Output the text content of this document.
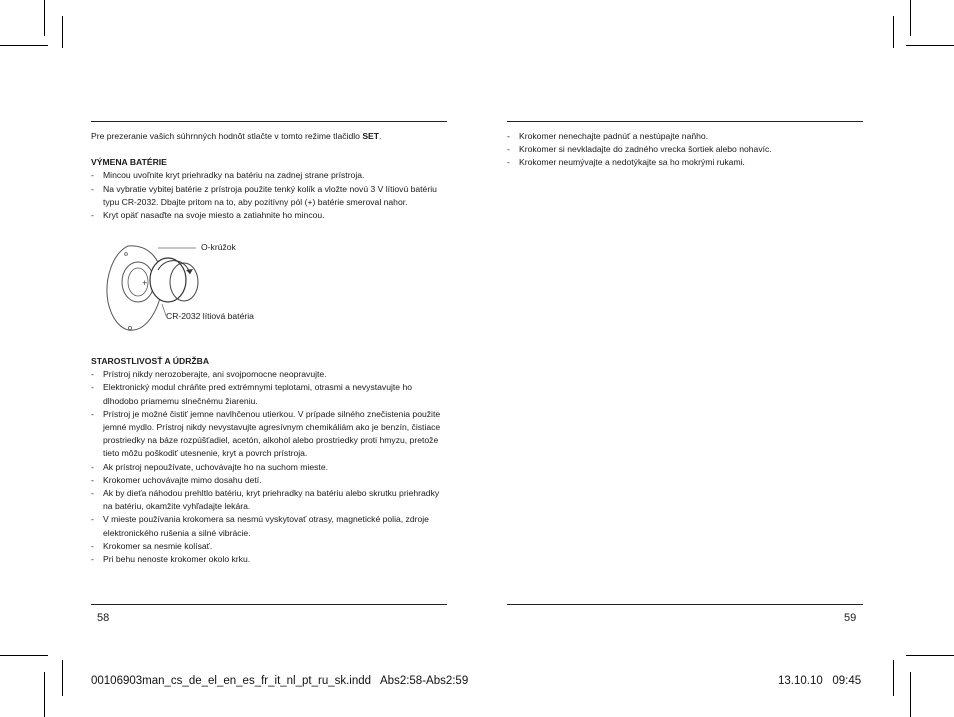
Pre prezeranie vašich súhrnných hodnôt stlačte v tomto režime tlačidlo SET.

VÝMENA BATÉRIE

- Mincou uvoľnite kryt priehradky na batériu na zadnej strane prístroja.
- Na vybratie vybitej batérie z prístroja použite tenký kolík a vložte novú 3 V lítiovú batériu typu CR-2032. Dbajte pritom na to, aby pozitívny pól (+) batérie smeroval nahor.
- Kryt opäť nasaďte na svoje miesto a zatiahnite ho mincou.
+
O-krúžok
CR-2032 lítiová batéria

STAROSTLIVOSŤ A ÚDRŽBA

- Prístroj nikdy nerozoberajte, ani svojpomocne neopravujte.
- Elektronický modul chráňte pred extrémnymi teplotami, otrasmi a nevystavujte ho dlhodobo priamemu slnečnému žiareniu.
- Prístroj je možné čistiť jemne navlhčenou utierkou. V prípade silného znečistenia použite jemné mydlo. Prístroj nikdy nevystavujte agresívnym chemikáliám ako je benzín, čistiace prostriedky na báze rozpúšťadiel, acetón, alkohol alebo prostriedky proti hmyzu, pretože tieto môžu poškodiť utesnenie, kryt a povrch prístroja.
- Ak prístroj nepoužívate, uchovávajte ho na suchom mieste.
- Krokomer uchovávajte mimo dosahu detí.
- Ak by dieťa náhodou prehltlo batériu, kryt priehradky na batériu alebo skrutku priehradky na batériu, okamžite vyhľadajte lekára.
- V mieste používania krokomera sa nesmú vyskytovať otrasy, magnetické polia, zdroje elektronického rušenia a silné vibrácie.
- Krokomer sa nesmie kolísať.
- Pri behu nenoste krokomer okolo krku.
58
- Krokomer nenechajte padnúť a nestúpajte naňho.
- Krokomer si nevkladajte do zadného vrecka šortiek alebo nohavíc.
- Krokomer neumývajte a nedotýkajte sa ho mokrými rukami.
59
00106903man_cs_de_el_en_es_fr_it_nl_pt_ru_sk.indd   Abs2:58-Abs2:59	13.10.10   09:45
